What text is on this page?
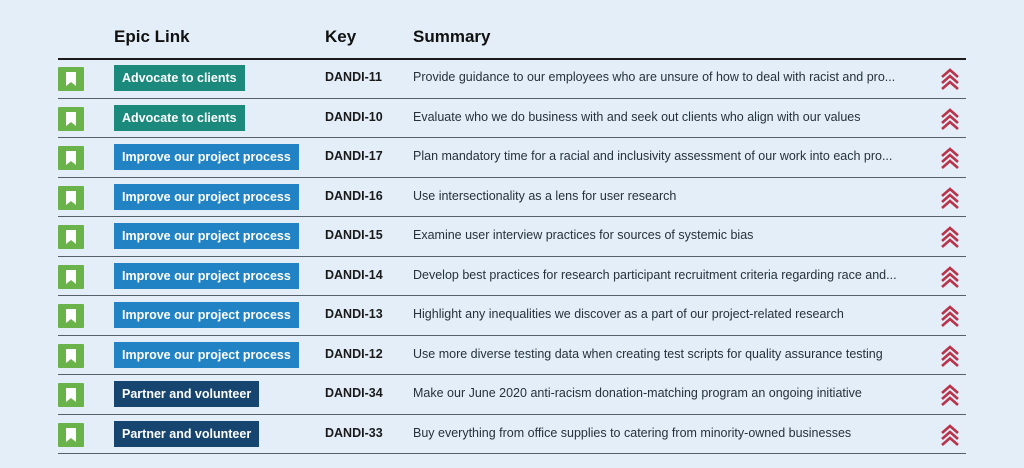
Epic Link	Key	Summary
Advocate to clients	DANDI-11 Provide guidance to our employees who are unsure of how to deal with racist and pro...
Advocate to clients	DANDI-10 Evaluate who we do business with and seek out clients who align with our values
Improve our project process	DANDI-17 Plan mandatory time for a racial and inclusivity assessment of our work into each pro...
Improve our project process	DANDI-16 Use intersectionality as a lens for user research
Improve our project process	DANDI-15 Examine user interview practices for sources of systemic bias
Improve our project process	DANDI-14 Develop best practices for research participant recruitment criteria regarding race and...
Improve our project process	DANDI-13 Highlight any inequalities we discover as a part of our project-related research
Improve our project process	DANDI-12 Use more diverse testing data when creating test scripts for quality assurance testing
Partner and volunteer	DANDI-34 Make our June 2020 anti-racism donation-matching program an ongoing initiative
Partner and volunteer	DANDI-33 Buy everything from office supplies to catering from minority-owned businesses
